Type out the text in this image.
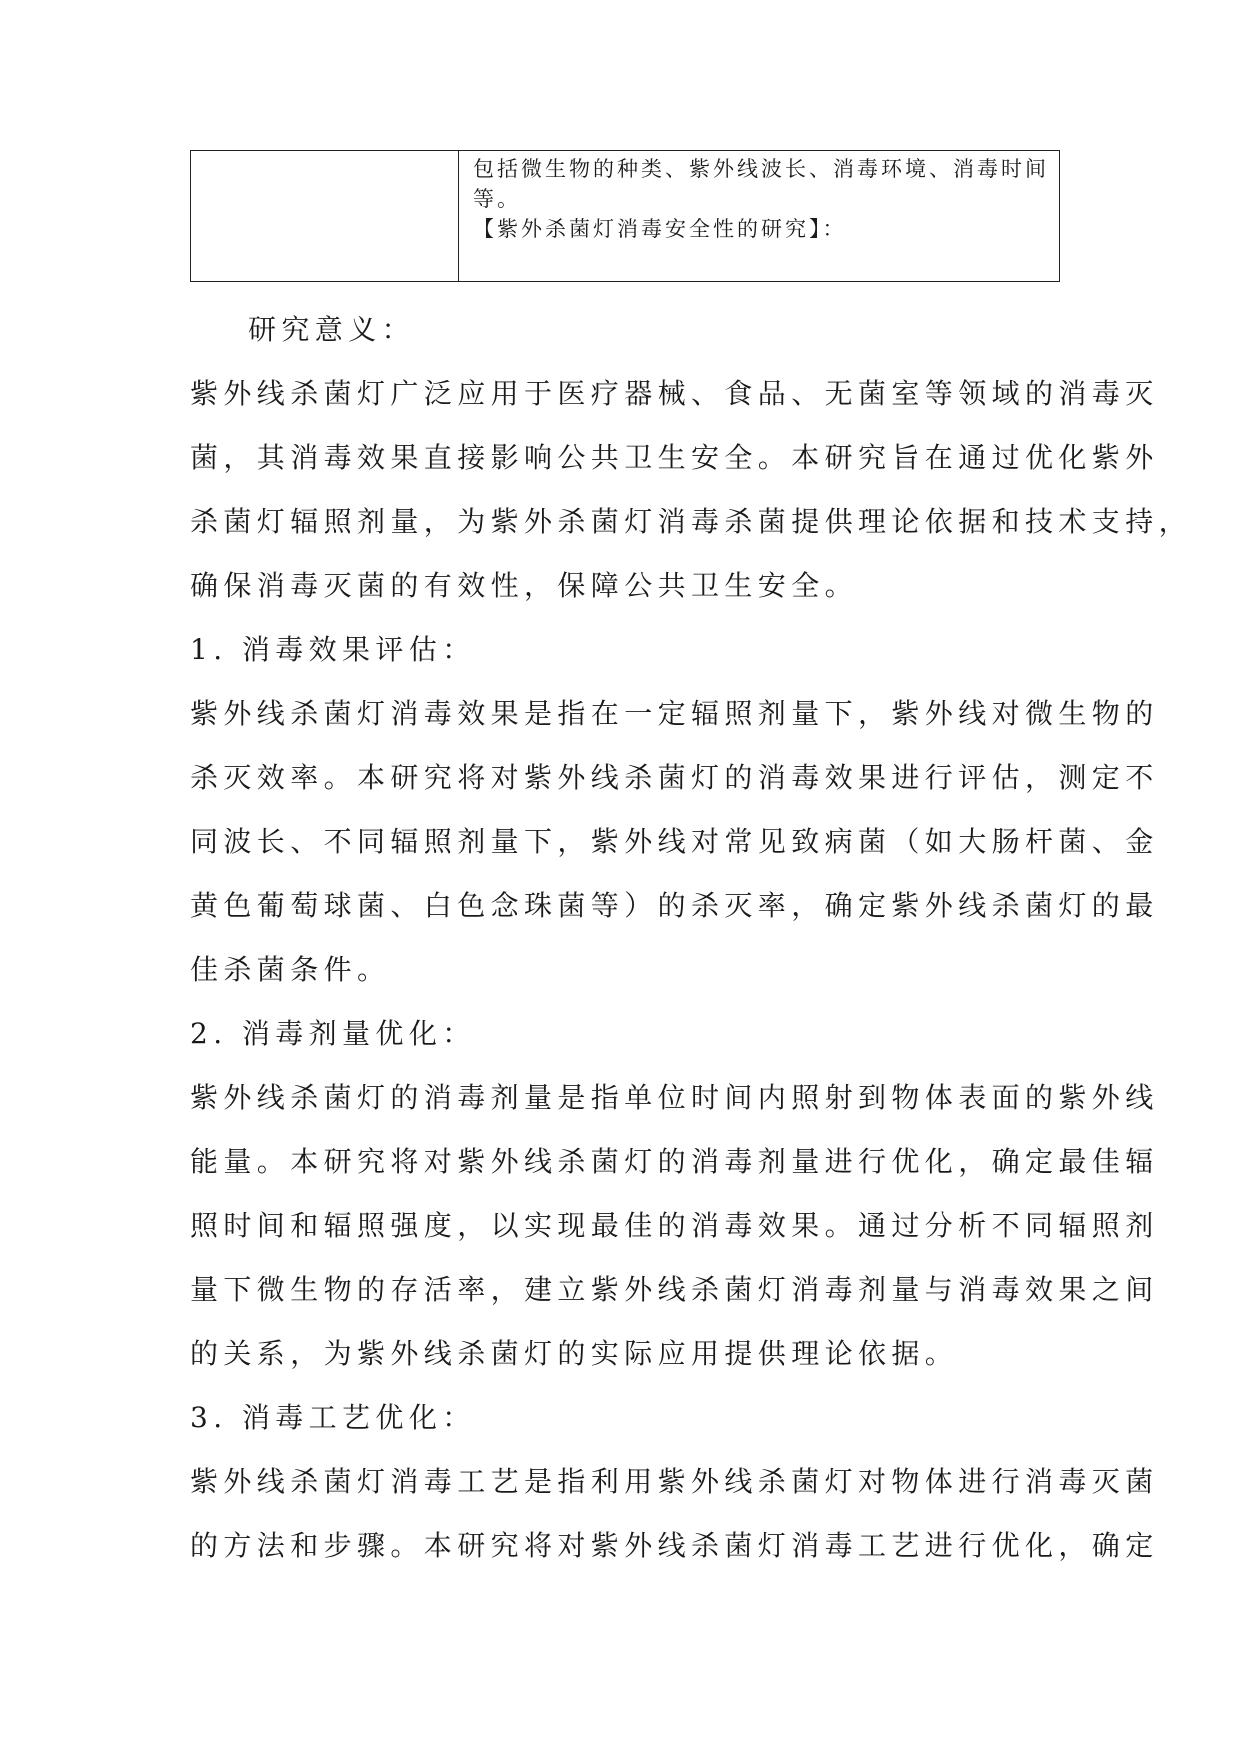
包括微生物的种类、紫外线波长、消毒环境、消毒时间
等。
【紫外杀菌灯消毒安全性的研究】：

研究意义：

紫外线杀菌灯广泛应用于医疗器械、食品、无菌室等领域的消毒灭

菌，其消毒效果直接影响公共卫生安全。本研究旨在通过优化紫外

杀菌灯辐照剂量，为紫外杀菌灯消毒杀菌提供理论依据和技术支持，

确保消毒灭菌的有效性，保障公共卫生安全。

1. 消毒效果评估：

紫外线杀菌灯消毒效果是指在一定辐照剂量下，紫外线对微生物的

杀灭效率。本研究将对紫外线杀菌灯的消毒效果进行评估，测定不

同波长、不同辐照剂量下，紫外线对常见致病菌（如大肠杆菌、金

黄色葡萄球菌、白色念珠菌等）的杀灭率，确定紫外线杀菌灯的最

佳杀菌条件。

2. 消毒剂量优化：

紫外线杀菌灯的消毒剂量是指单位时间内照射到物体表面的紫外线

能量。本研究将对紫外线杀菌灯的消毒剂量进行优化，确定最佳辐

照时间和辐照强度，以实现最佳的消毒效果。通过分析不同辐照剂

量下微生物的存活率，建立紫外线杀菌灯消毒剂量与消毒效果之间

的关系，为紫外线杀菌灯的实际应用提供理论依据。

3. 消毒工艺优化：

紫外线杀菌灯消毒工艺是指利用紫外线杀菌灯对物体进行消毒灭菌

的方法和步骤。本研究将对紫外线杀菌灯消毒工艺进行优化，确定
